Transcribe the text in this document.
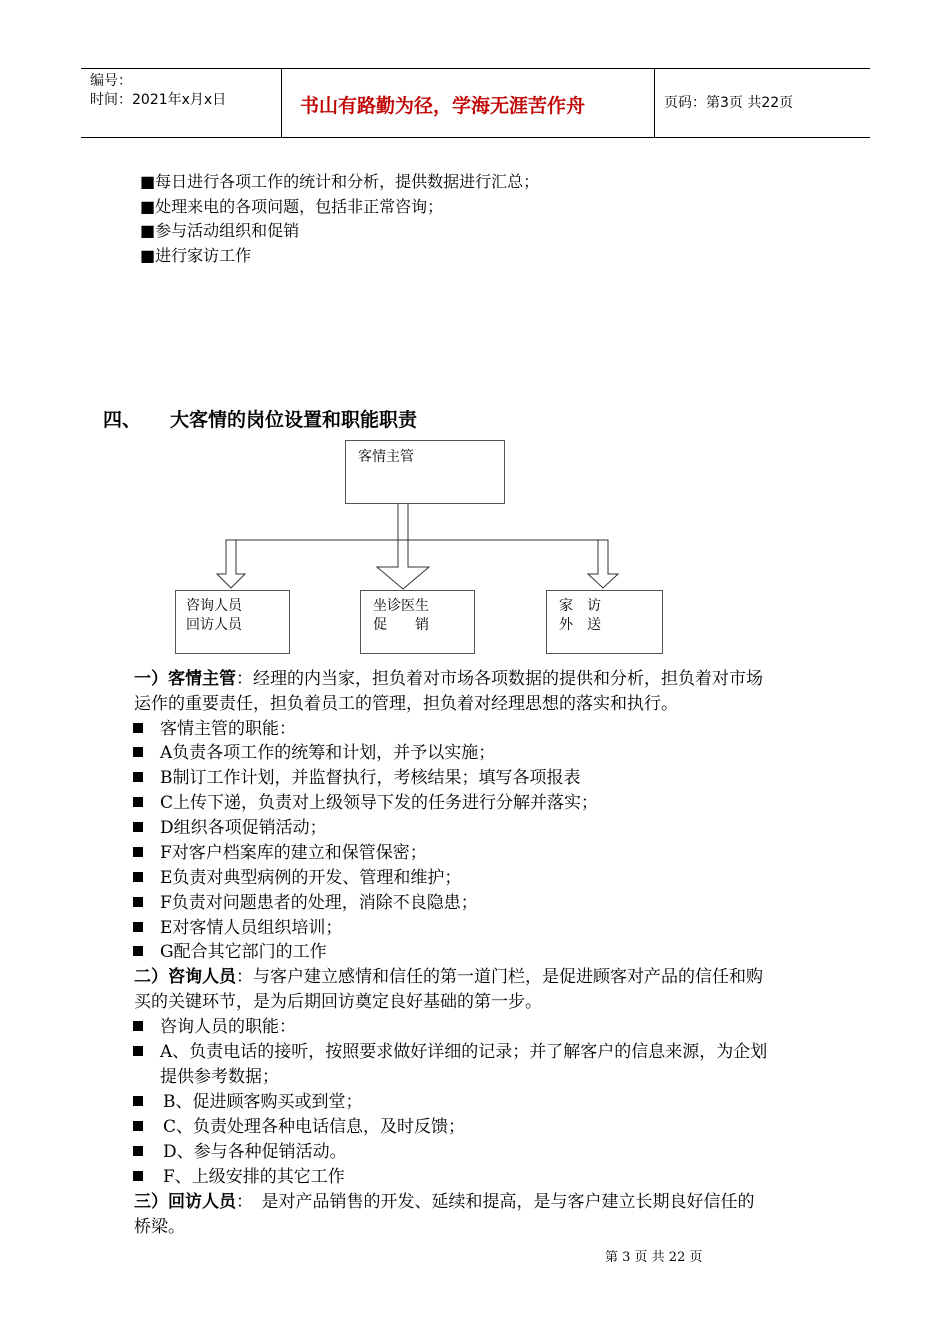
编号：
时间：2021年x月x日	书山有路勤为径，学海无涯苦作舟	页码：第3页 共22页
■每日进行各项工作的统计和分析，提供数据进行汇总；
■处理来电的各项问题，包括非正常咨询；
■参与活动组织和促销
■进行家访工作
四、 大客情的岗位设置和职能职责
客情主管
咨询人员
回访人员
坐诊医生
促　　销
家　访
外　送
一）客情主管：经理的内当家，担负着对市场各项数据的提供和分析，担负着对市场
运作的重要责任，担负着员工的管理，担负着对经理思想的落实和执行。
客情主管的职能：
A负责各项工作的统筹和计划，并予以实施；
B制订工作计划，并监督执行，考核结果；填写各项报表
C上传下递，负责对上级领导下发的任务进行分解并落实；
D组织各项促销活动；
F对客户档案库的建立和保管保密；
E负责对典型病例的开发、管理和维护；
F负责对问题患者的处理，消除不良隐患；
E对客情人员组织培训；
G配合其它部门的工作
二）咨询人员：与客户建立感情和信任的第一道门栏，是促进顾客对产品的信任和购
买的关键环节，是为后期回访奠定良好基础的第一步。
咨询人员的职能：
A、负责电话的接听，按照要求做好详细的记录；并了解客户的信息来源，为企划
提供参考数据；
B、促进顾客购买或到堂；
C、负责处理各种电话信息，及时反馈；
D、参与各种促销活动。
F、上级安排的其它工作
三）回访人员：　是对产品销售的开发、延续和提高，是与客户建立长期良好信任的
桥梁。
第 3 页 共 22 页
